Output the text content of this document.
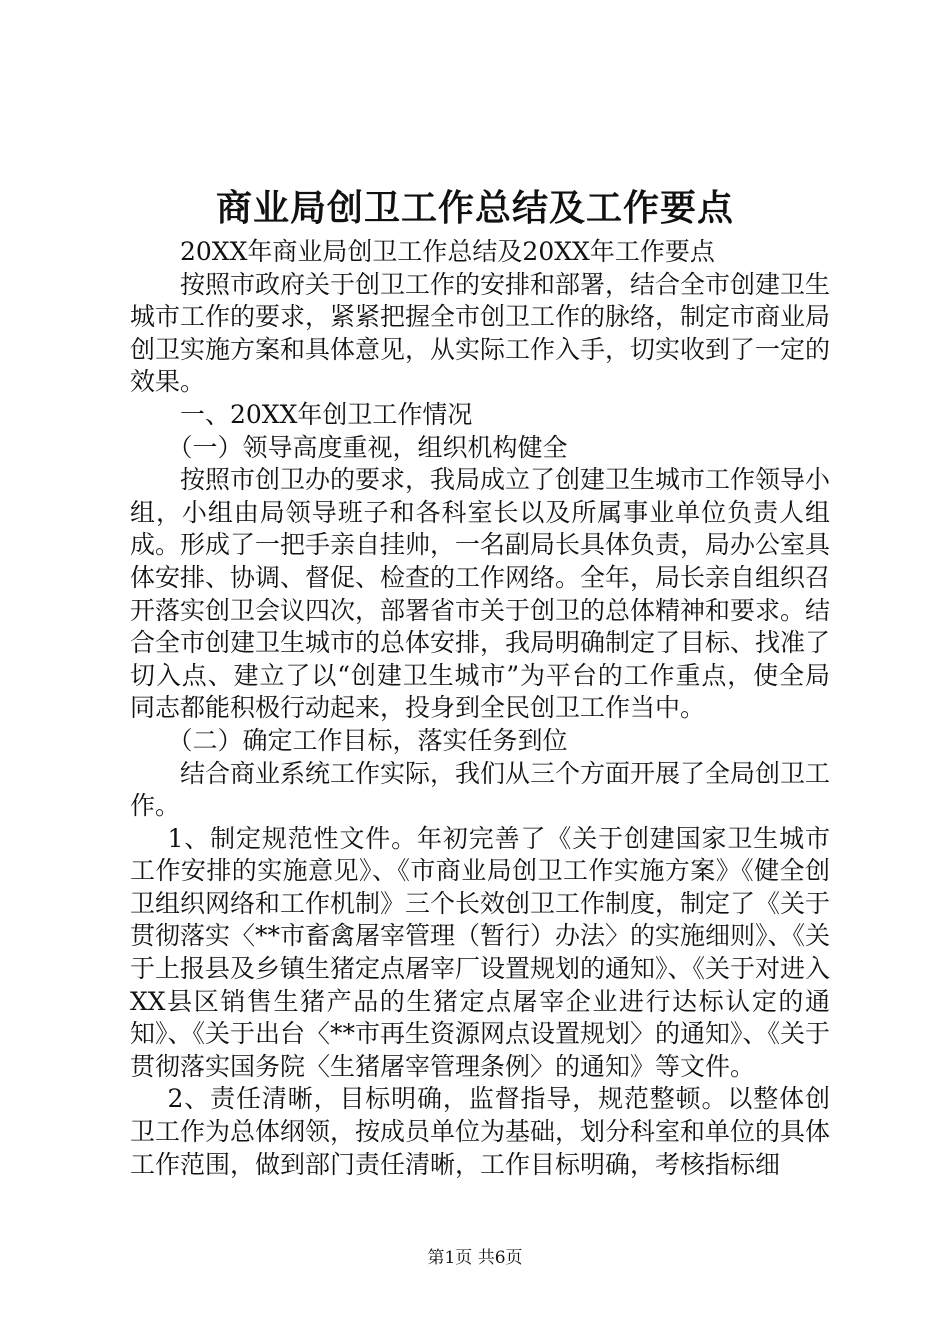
商业局创卫工作总结及工作要点

20XX年商业局创卫工作总结及20XX年工作要点

按照市政府关于创卫工作的安排和部署，结合全市创建卫生城市工作的要求，紧紧把握全市创卫工作的脉络，制定市商业局创卫实施方案和具体意见，从实际工作入手，切实收到了一定的效果。

一、20XX年创卫工作情况

（一）领导高度重视，组织机构健全

按照市创卫办的要求，我局成立了创建卫生城市工作领导小组，小组由局领导班子和各科室长以及所属事业单位负责人组成。形成了一把手亲自挂帅，一名副局长具体负责，局办公室具体安排、协调、督促、检查的工作网络。全年，局长亲自组织召开落实创卫会议四次，部署省市关于创卫的总体精神和要求。结合全市创建卫生城市的总体安排，我局明确制定了目标、找准了切入点、建立了以“创建卫生城市”为平台的工作重点，使全局同志都能积极行动起来，投身到全民创卫工作当中。

（二）确定工作目标，落实任务到位

结合商业系统工作实际，我们从三个方面开展了全局创卫工作。

1、制定规范性文件。年初完善了《关于创建国家卫生城市工作安排的实施意见》、《市商业局创卫工作实施方案》《健全创卫组织网络和工作机制》三个长效创卫工作制度，制定了《关于贯彻落实〈**市畜禽屠宰管理（暂行）办法〉的实施细则》、《关于上报县及乡镇生猪定点屠宰厂设置规划的通知》、《关于对进入XX县区销售生猪产品的生猪定点屠宰企业进行达标认定的通知》、《关于出台〈**市再生资源网点设置规划〉的通知》、《关于贯彻落实国务院〈生猪屠宰管理条例〉的通知》等文件。

2、责任清晰，目标明确，监督指导，规范整顿。以整体创卫工作为总体纲领，按成员单位为基础，划分科室和单位的具体工作范围，做到部门责任清晰，工作目标明确，考核指标细

第1页 共6页
